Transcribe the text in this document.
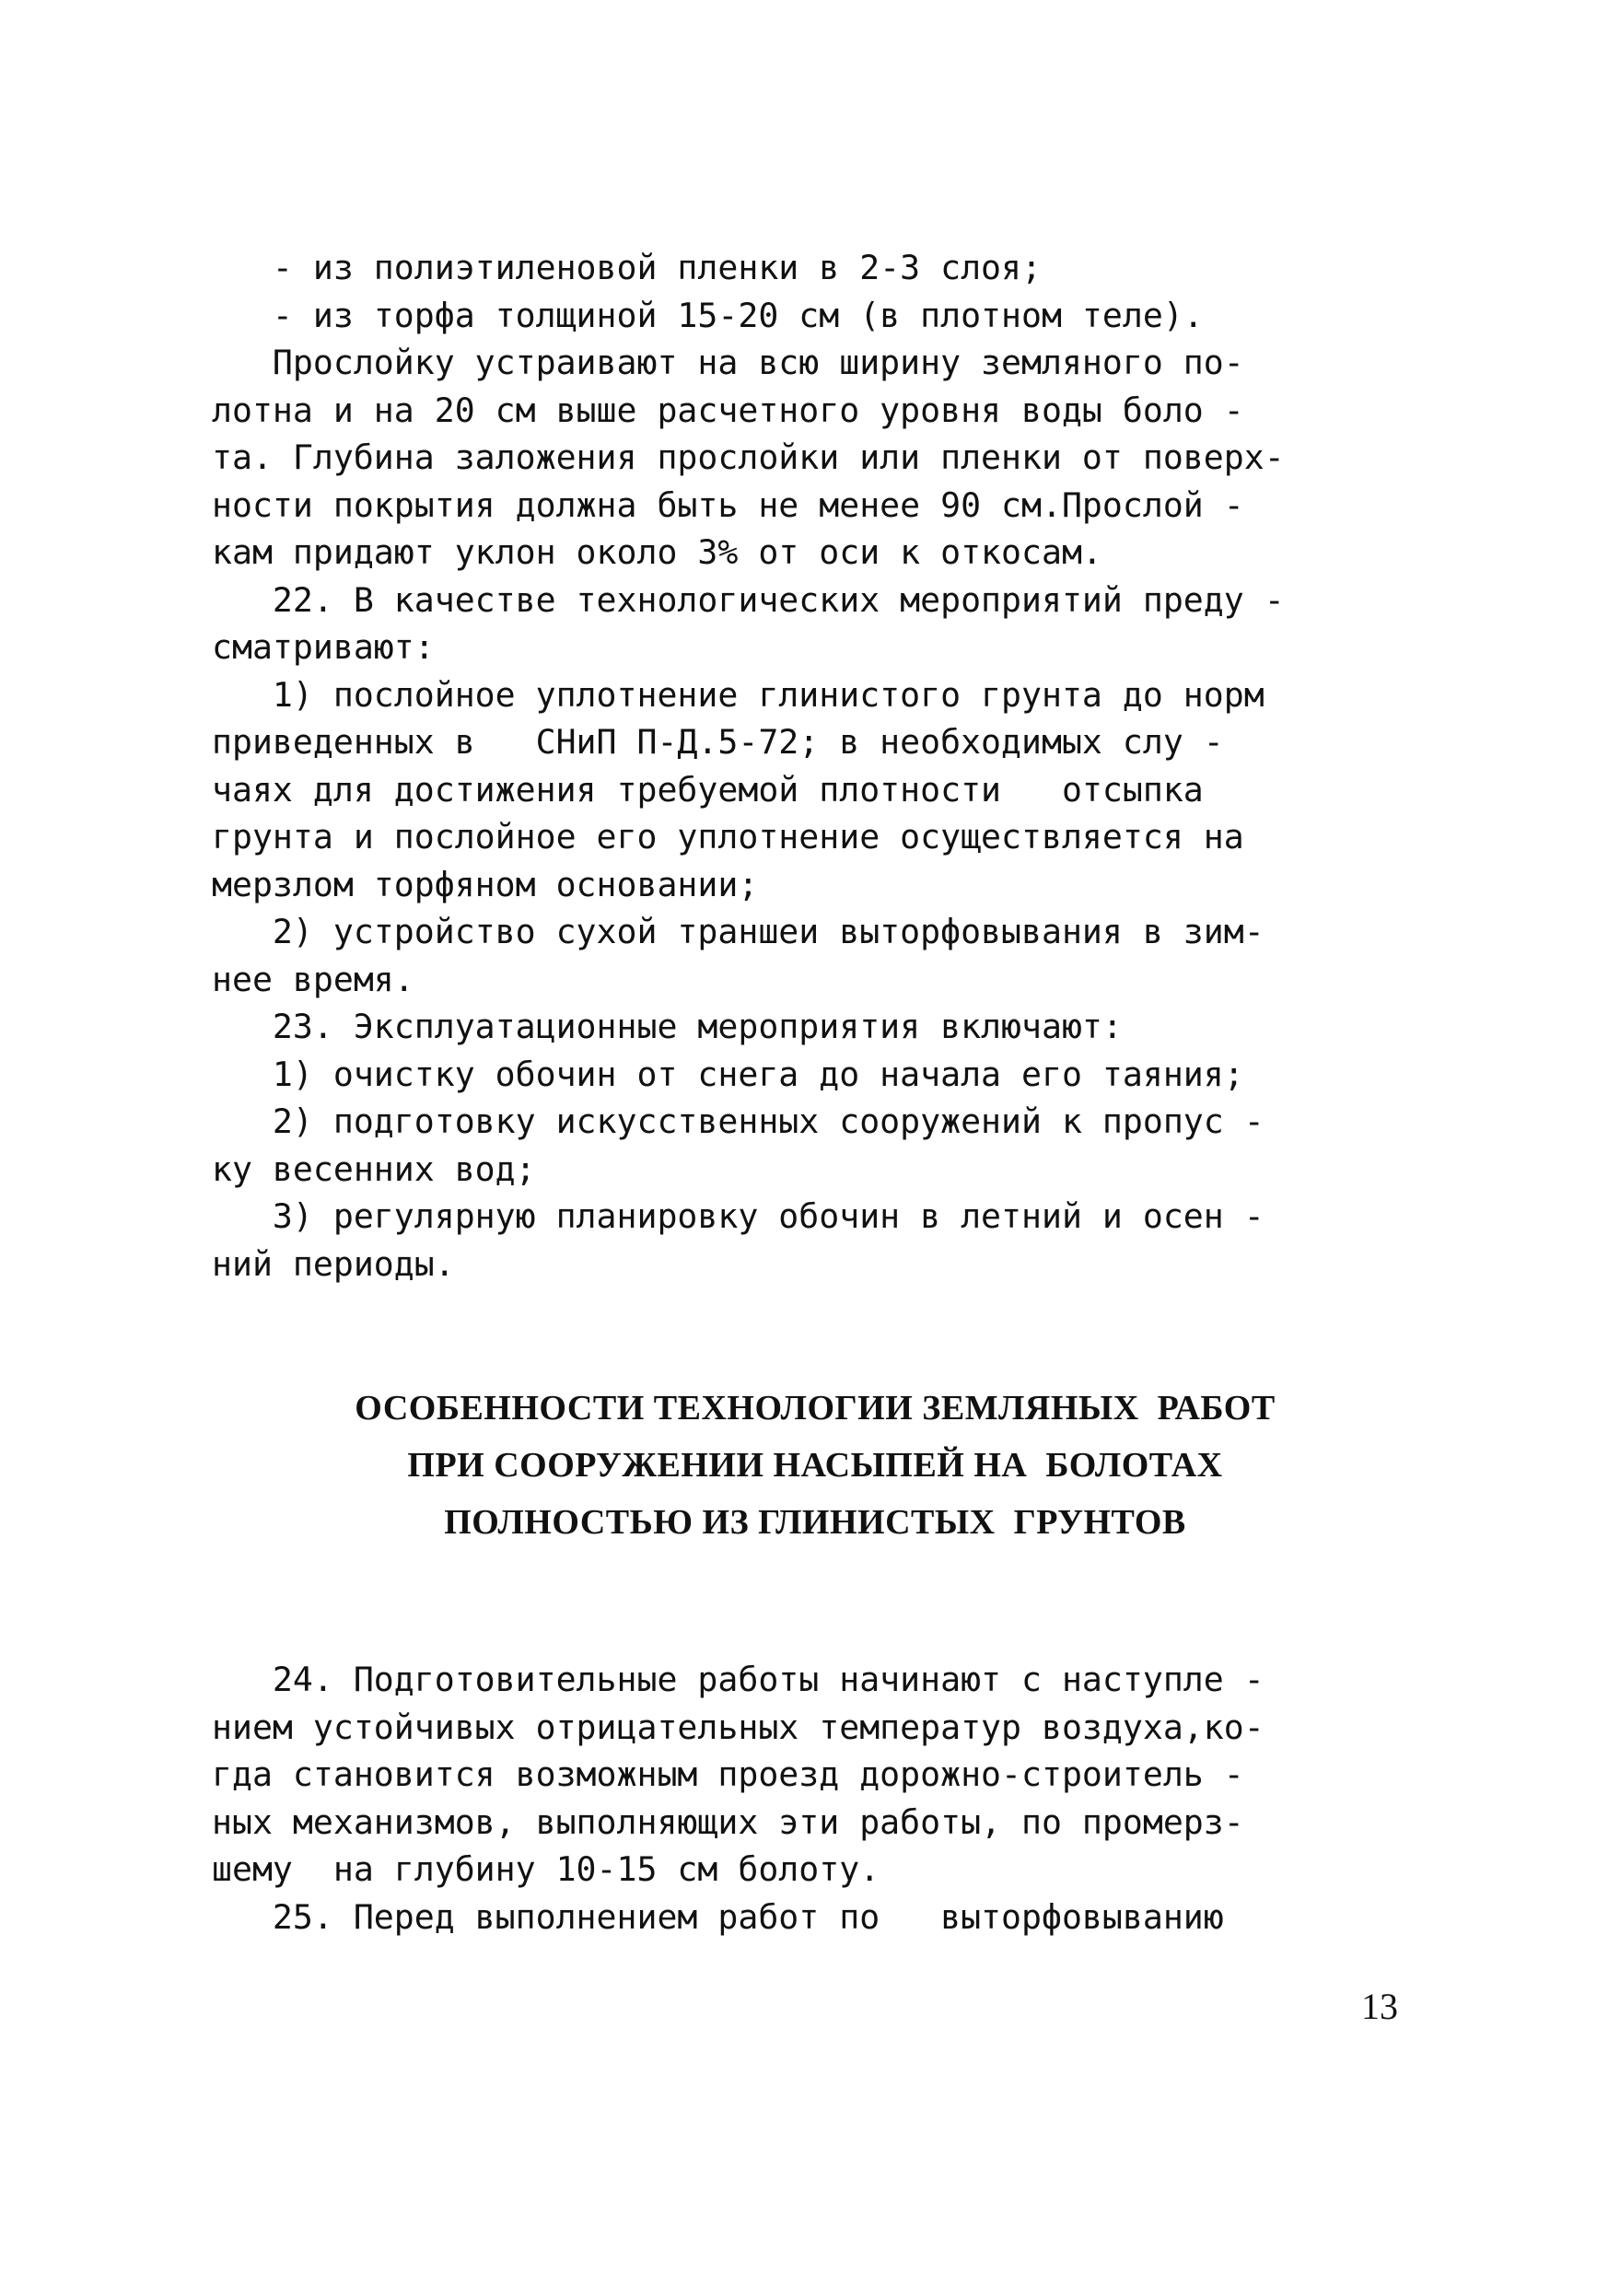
- из полиэтиленовой пленки в 2-3 слоя;
- из торфа толщиной 15-20 см (в плотном теле).
Прослойку устраивают на всю ширину земляного по-
лотна и на 20 см выше расчетного уровня воды боло -
та. Глубина заложения прослойки или пленки от поверх-
ности покрытия должна быть не менее 90 см.Прослой -
кам придают уклон около 3% от оси к откосам.
22. В качестве технологических мероприятий преду -
сматривают:
1) послойное уплотнение глинистого грунта до норм
приведенных в   СНиП П-Д.5-72; в необходимых слу -
чаях для достижения требуемой плотности   отсыпка
грунта и послойное его уплотнение осуществляется на
мерзлом торфяном основании;
2) устройство сухой траншеи выторфовывания в зим-
нее время.
23. Эксплуатационные мероприятия включают:
1) очистку обочин от снега до начала его таяния;
2) подготовку искусственных сооружений к пропус -
ку весенних вод;
3) регулярную планировку обочин в летний и осен -
ний периоды.
ОСОБЕННОСТИ ТЕХНОЛОГИИ ЗЕМЛЯНЫХ  РАБОТ
ПРИ СООРУЖЕНИИ НАСЫПЕЙ НА  БОЛОТАХ
ПОЛНОСТЬЮ ИЗ ГЛИНИСТЫХ  ГРУНТОВ
24. Подготовительные работы начинают с наступле -
нием устойчивых отрицательных температур воздуха,ко-
гда становится возможным проезд дорожно-строитель -
ных механизмов, выполняющих эти работы, по промерз-
шему  на глубину 10-15 см болоту.
25. Перед выполнением работ по   выторфовыванию
13
